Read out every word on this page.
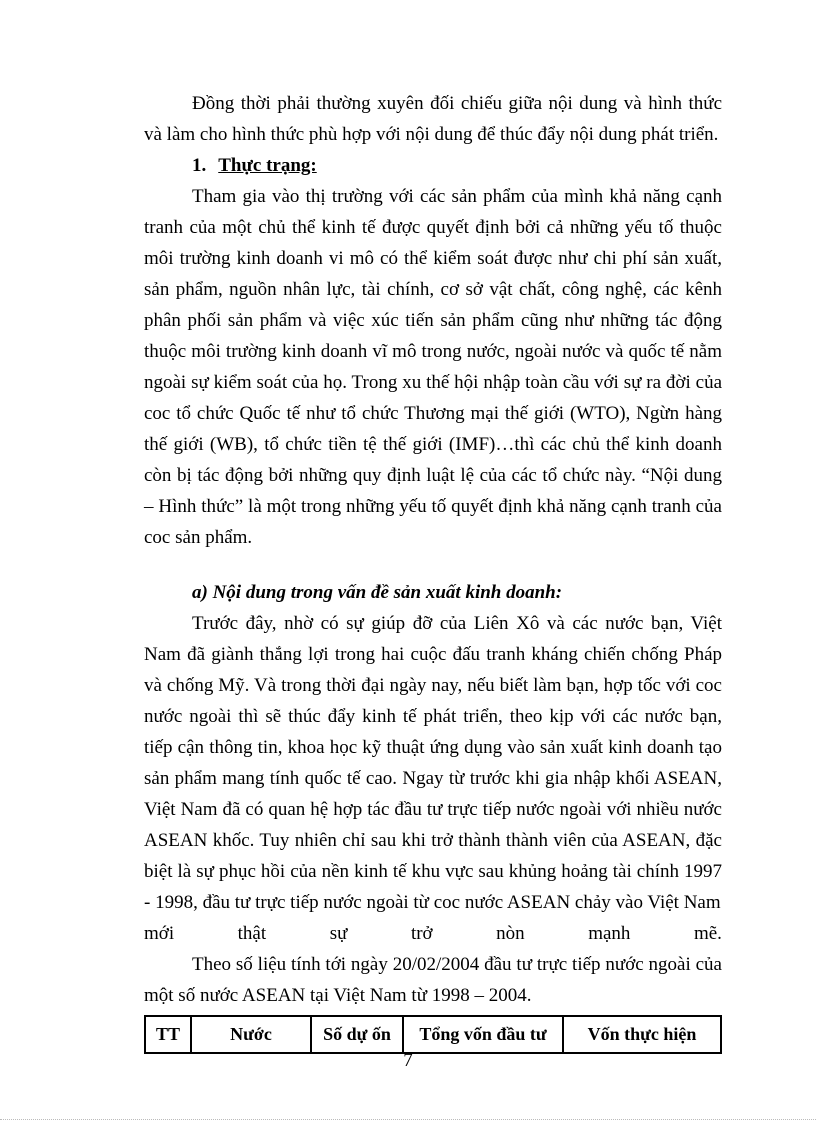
Đồng thời phải thường xuyên đối chiếu giữa nội dung và hình thức và làm cho hình thức phù hợp với nội dung để thúc đẩy nội dung phát triển.

1. Thực trạng:

Tham gia vào thị trường với các sản phẩm của mình khả năng cạnh tranh của một chủ thể kinh tế được quyết định bởi cả những yếu tố thuộc môi trường kinh doanh vi mô có thể kiểm soát được như chi phí sản xuất, sản phẩm, nguồn nhân lực, tài chính, cơ sở vật chất, công nghệ, các kênh phân phối sản phẩm và việc xúc tiến sản phẩm cũng như những tác động thuộc môi trường kinh doanh vĩ mô trong nước, ngoài nước và quốc tế nằm ngoài sự kiểm soát của họ. Trong xu thế hội nhập toàn cầu với sự ra đời của coc tổ chức Quốc tế như tổ chức Thương mại thế giới (WTO), Ngừn hàng thế giới (WB), tổ chức tiền tệ thế giới (IMF)…thì các chủ thể kinh doanh còn bị tác động bởi những quy định luật lệ của các tổ chức này. “Nội dung – Hình thức” là một trong những yếu tố quyết định khả năng cạnh tranh của coc sản phẩm.

a) Nội dung trong vấn đề sản xuất kinh doanh:

Trước đây, nhờ có sự giúp đỡ của Liên Xô và các nước bạn, Việt Nam đã giành thắng lợi trong hai cuộc đấu tranh kháng chiến chống Pháp và chống Mỹ. Và trong thời đại ngày nay, nếu biết làm bạn, hợp tốc với coc nước ngoài thì sẽ thúc đẩy kinh tế phát triển, theo kịp với các nước bạn, tiếp cận thông tin, khoa học kỹ thuật ứng dụng vào sản xuất kinh doanh tạo sản phẩm mang tính quốc tế cao. Ngay từ trước khi gia nhập khối ASEAN, Việt Nam đã có quan hệ hợp tác đầu tư trực tiếp nước ngoài với nhiều nước ASEAN khốc. Tuy nhiên chỉ sau khi trở thành thành viên của ASEAN, đặc biệt là sự phục hồi của nền kinh tế khu vực sau khủng hoảng tài chính 1997 - 1998, đầu tư trực tiếp nước ngoài từ coc nước ASEAN chảy vào Việt Nam

mới	thật	sự	trở	nòn	mạnh	mẽ.

Theo số liệu tính tới ngày 20/02/2004 đầu tư trực tiếp nước ngoài của một số nước ASEAN tại Việt Nam từ 1998 – 2004.

TT	Nước	Số dự ốn	Tổng vốn đầu tư	Vốn thực hiện
7
